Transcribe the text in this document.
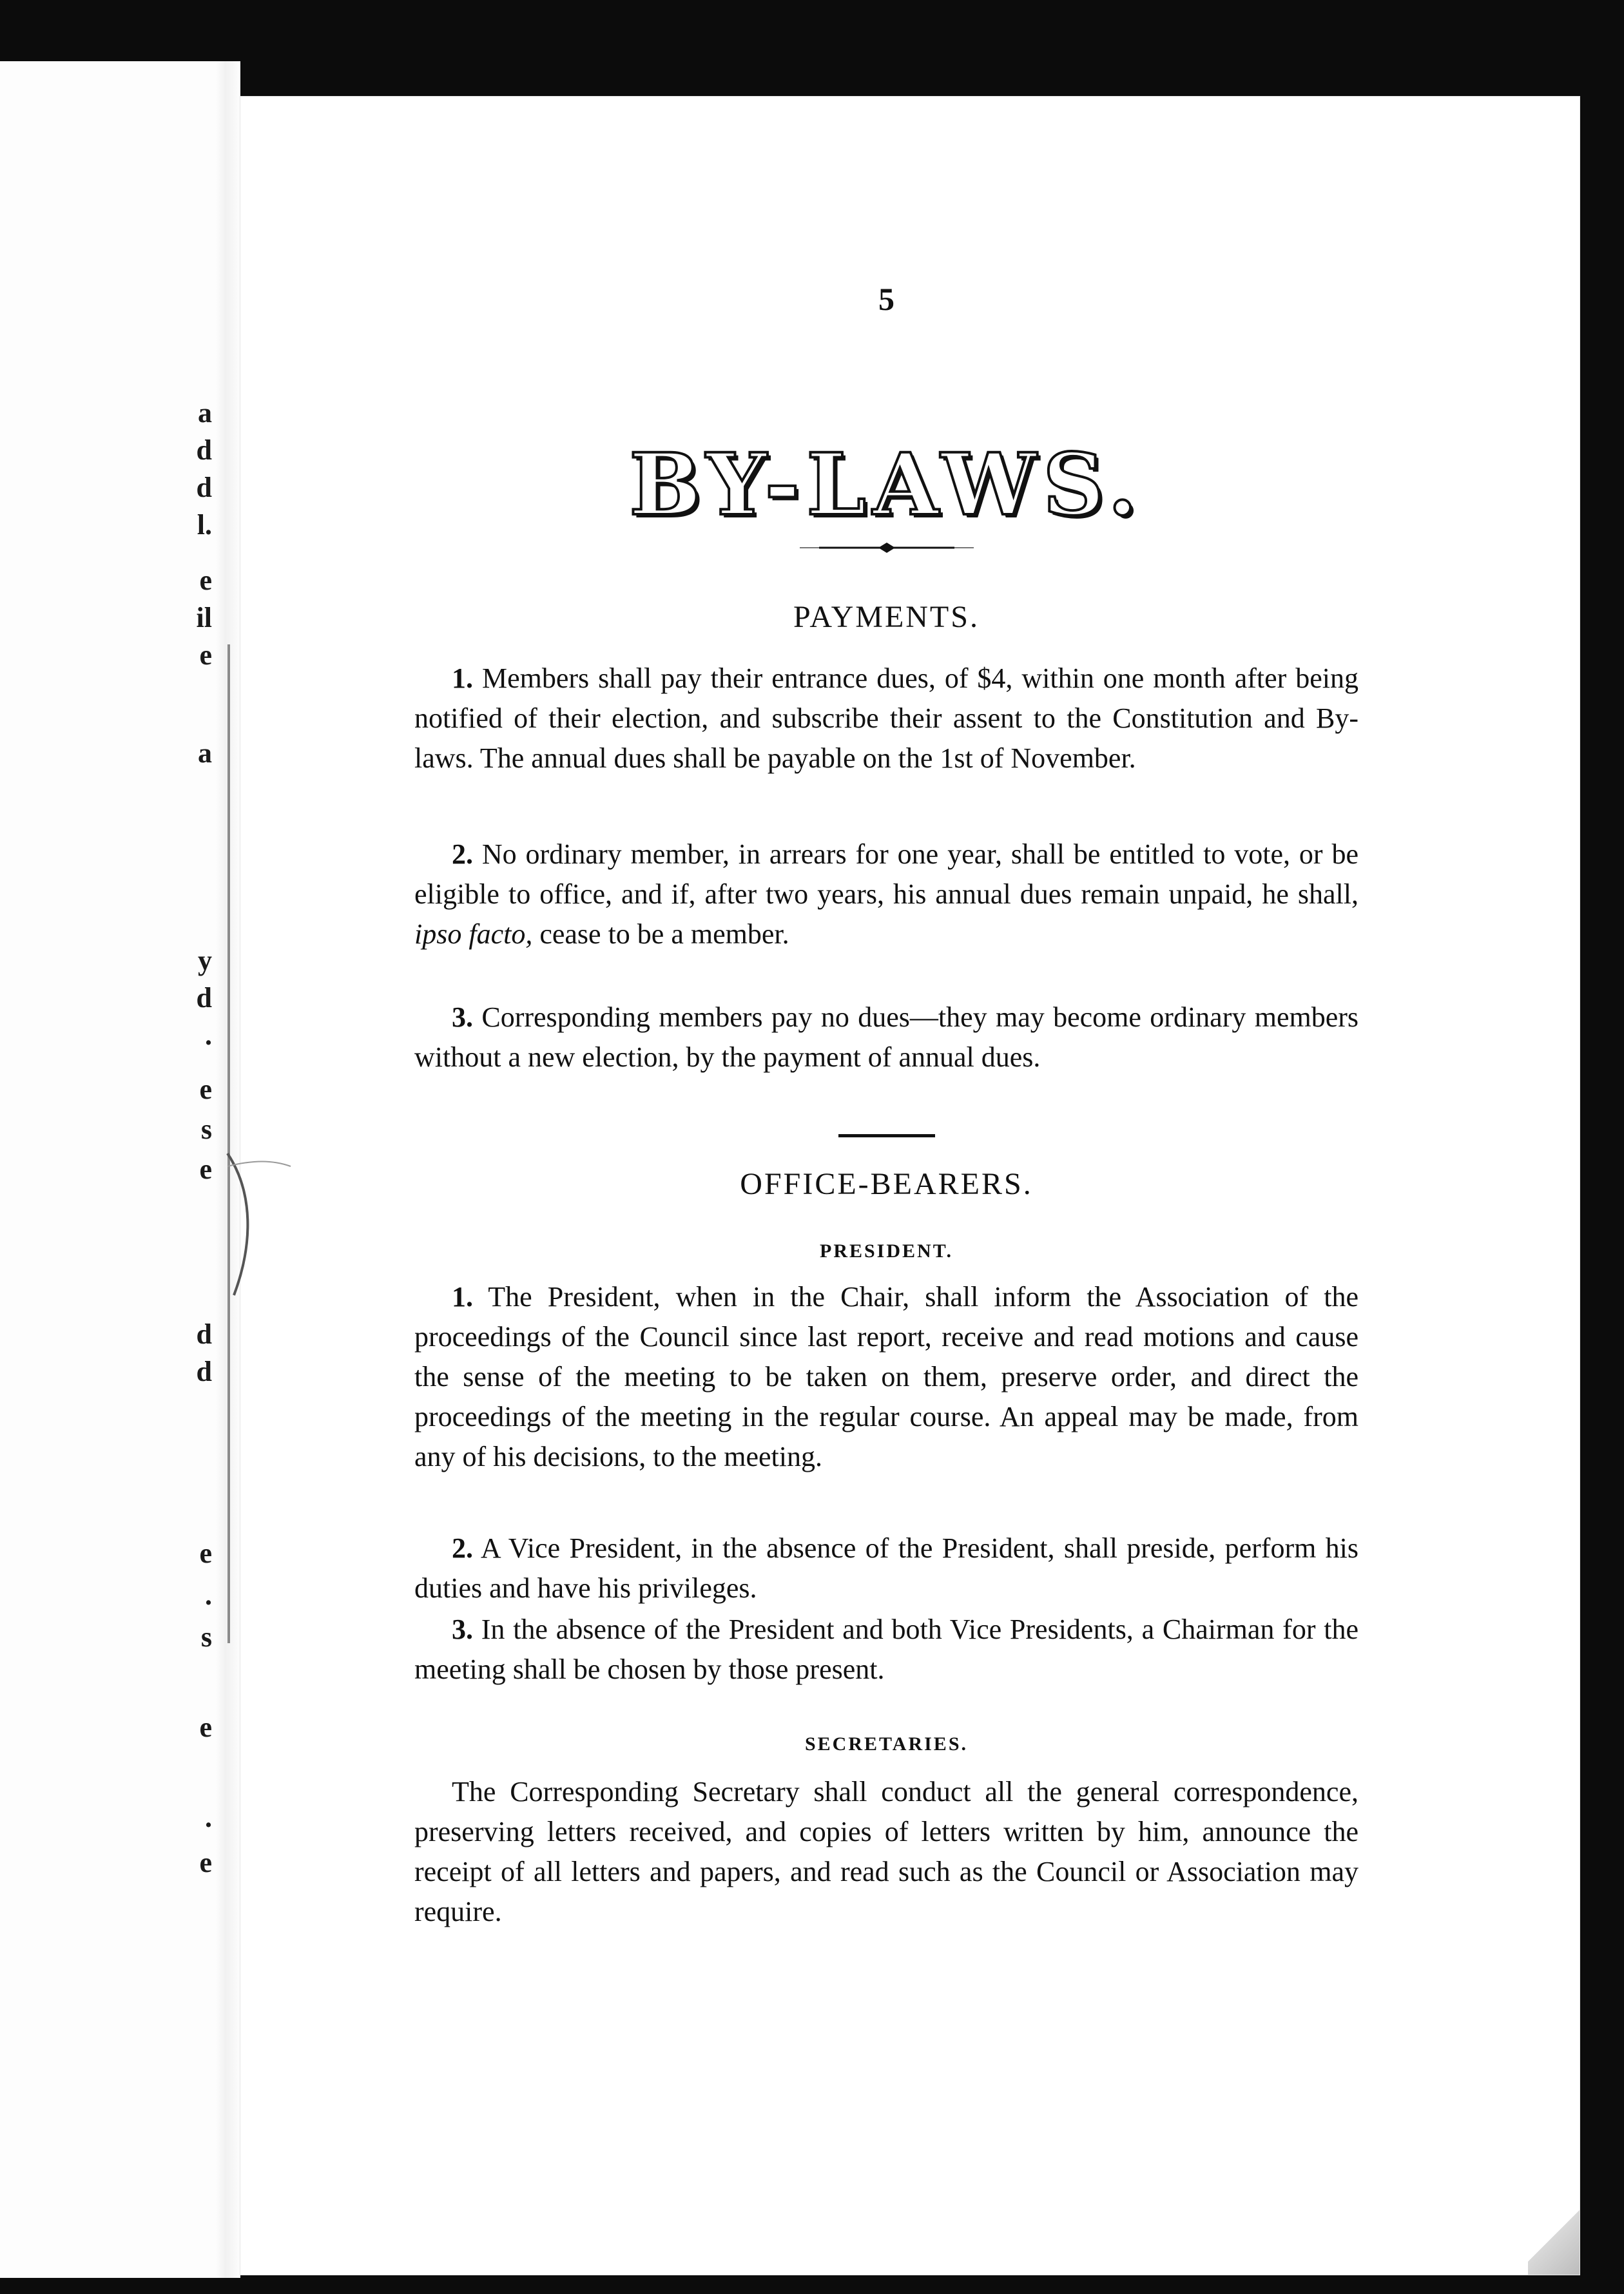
a
d
d
l.
e
il
e
a
y
d
.
e
s
e
d
d
e
.
s
e
.
e
5
BY-LAWS.
PAYMENTS.
1. Members shall pay their entrance dues, of $4, within one month after being notified of their election, and subscribe their assent to the Constitution and By-laws. The annual dues shall be payable on the 1st of November.
2. No ordinary member, in arrears for one year, shall be entitled to vote, or be eligible to office, and if, after two years, his annual dues remain unpaid, he shall, ipso facto, cease to be a member.
3. Corresponding members pay no dues—they may become ordinary members without a new election, by the payment of annual dues.
OFFICE-BEARERS.
PRESIDENT.
1. The President, when in the Chair, shall inform the Association of the proceedings of the Council since last report, receive and read motions and cause the sense of the meeting to be taken on them, preserve order, and direct the proceedings of the meeting in the regular course. An appeal may be made, from any of his decisions, to the meeting.
2. A Vice President, in the absence of the President, shall preside, perform his duties and have his privileges.
3. In the absence of the President and both Vice Presidents, a Chairman for the meeting shall be chosen by those present.
SECRETARIES.
The Corresponding Secretary shall conduct all the general correspondence, preserving letters received, and copies of letters written by him, announce the receipt of all letters and papers, and read such as the Council or Association may require.
